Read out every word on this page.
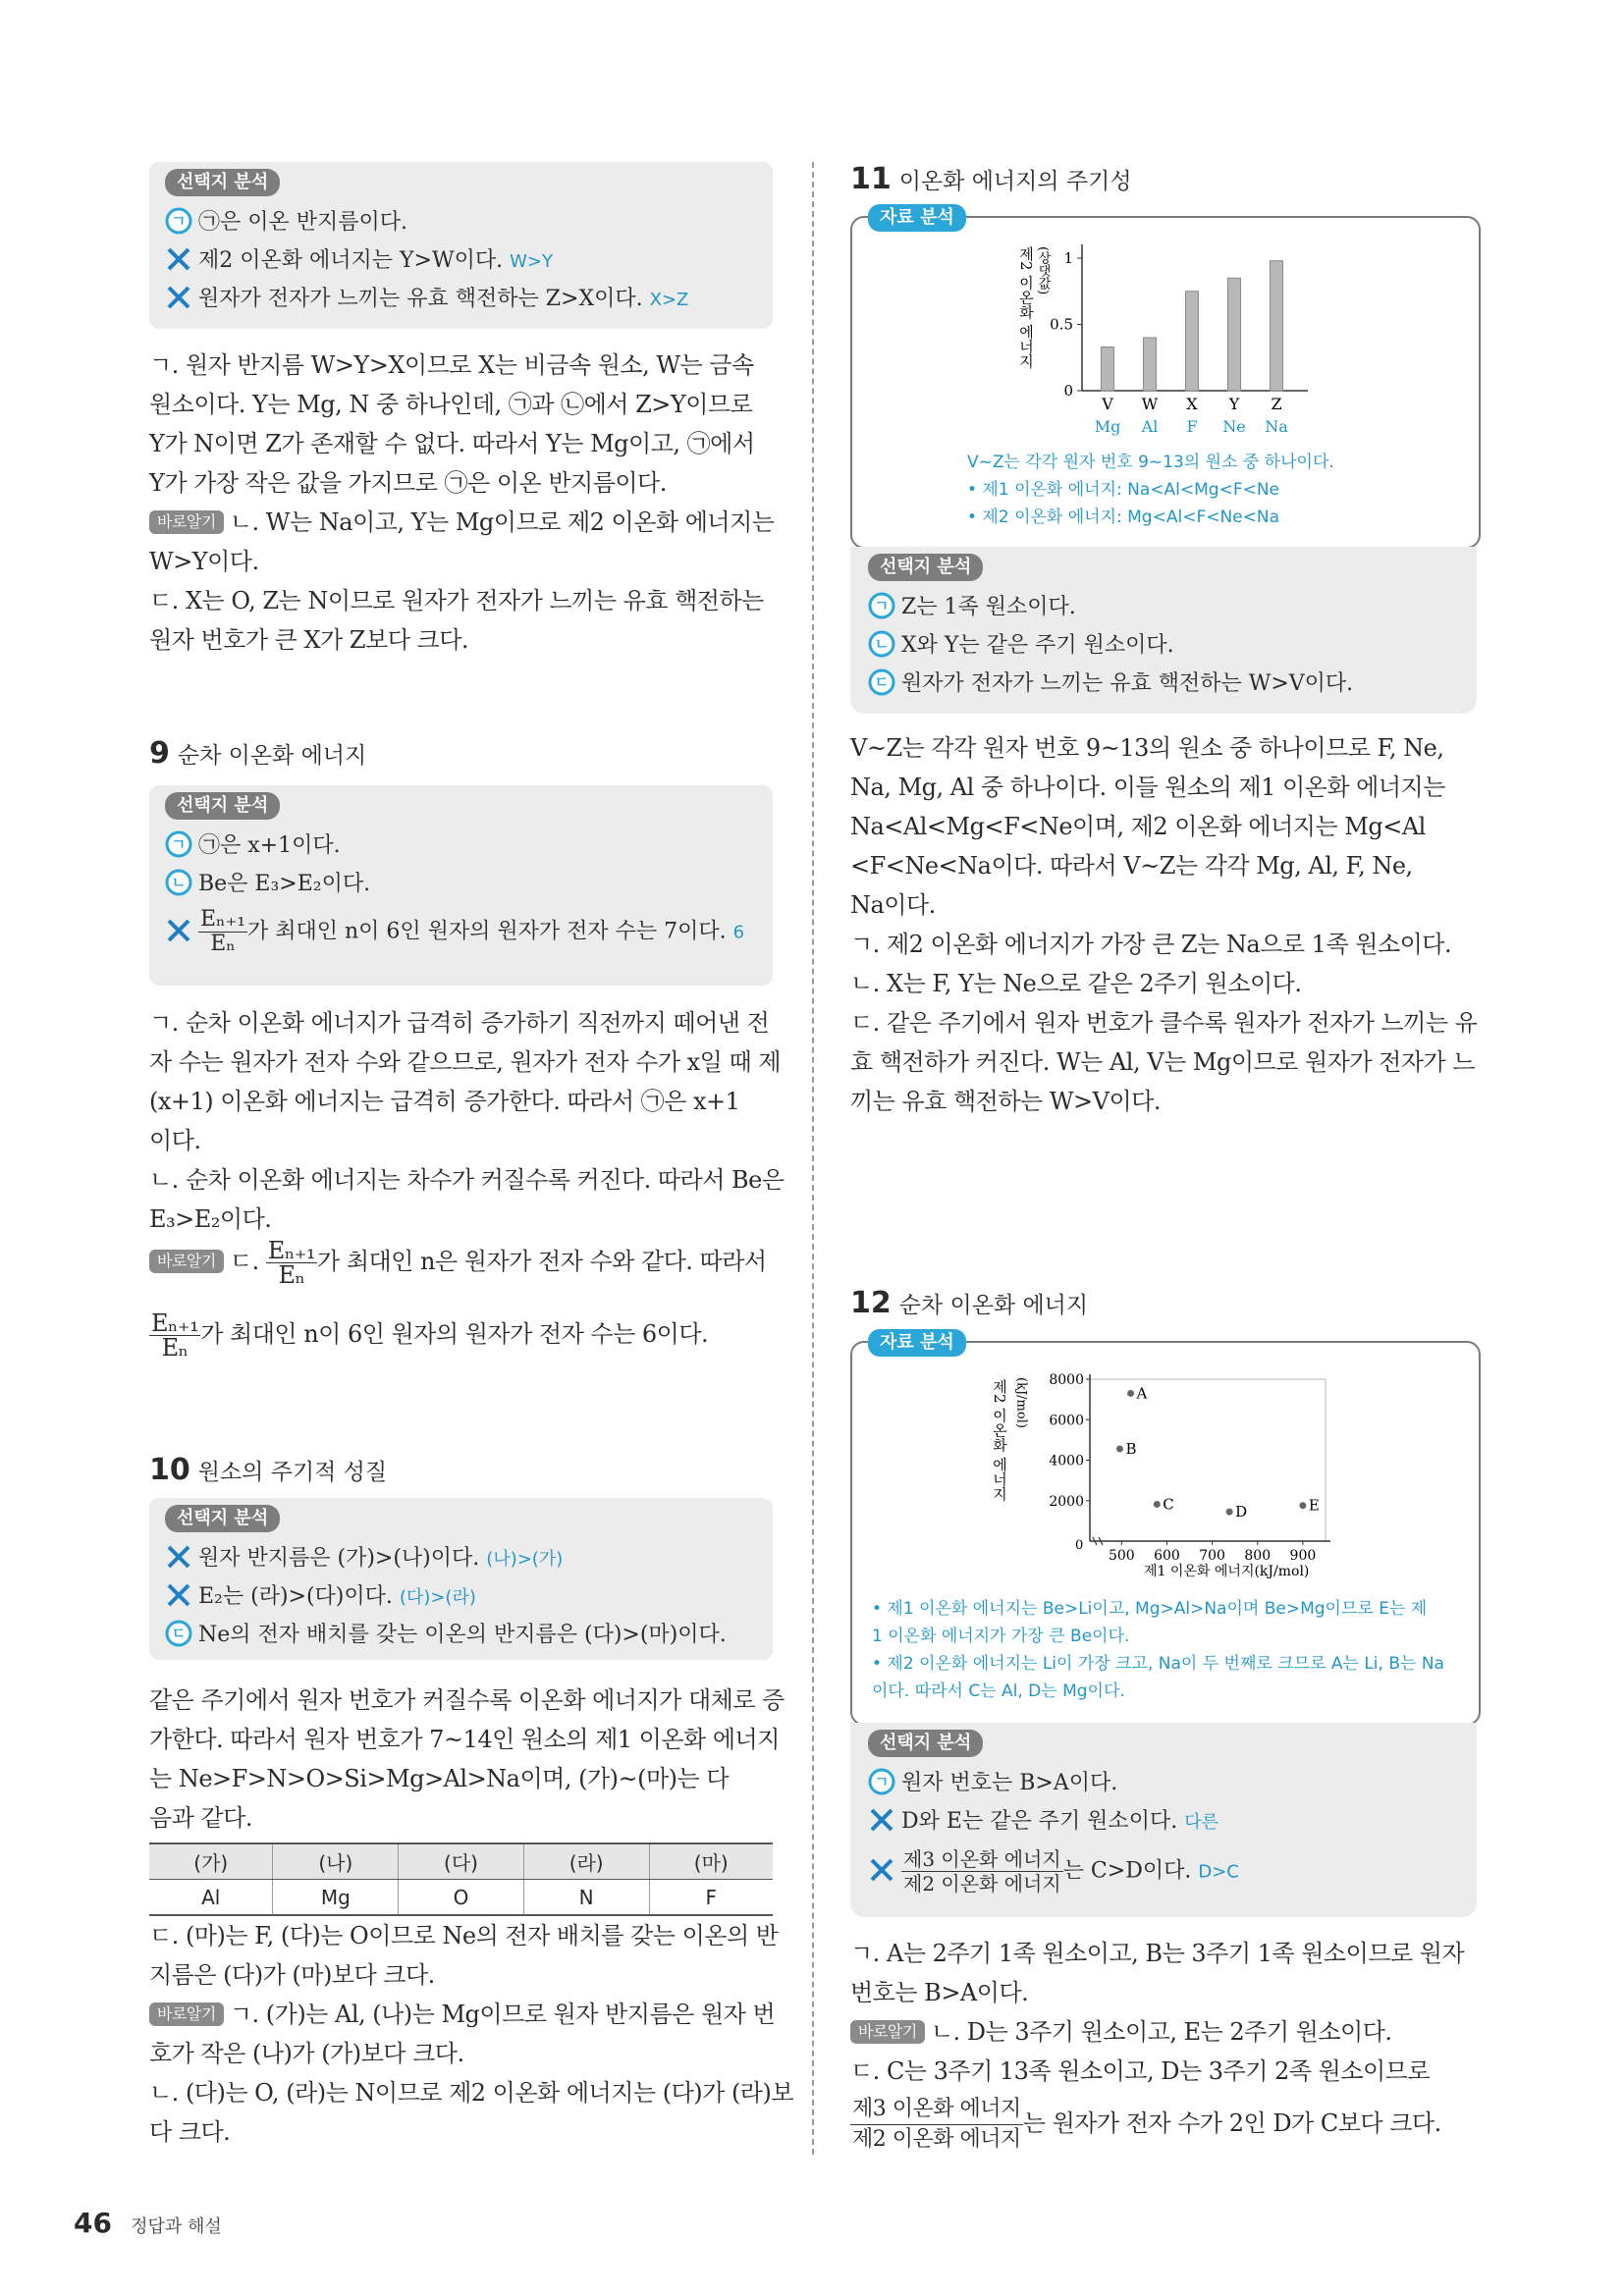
선택지 분석
ㄱ ㉠은 이온 반지름이다.
제2 이온화 에너지는 Y>W이다. W>Y
원자가 전자가 느끼는 유효 핵전하는 Z>X이다. X>Z

ㄱ. 원자 반지름 W>Y>X이므로 X는 비금속 원소, W는 금속

원소이다. Y는 Mg, N 중 하나인데, ㉠과 ㉡에서 Z>Y이므로

Y가 N이면 Z가 존재할 수 없다. 따라서 Y는 Mg이고, ㉠에서

Y가 가장 작은 값을 가지므로 ㉠은 이온 반지름이다.

바로알기 ㄴ. W는 Na이고, Y는 Mg이므로 제2 이온화 에너지는

W>Y이다.

ㄷ. X는 O, Z는 N이므로 원자가 전자가 느끼는 유효 핵전하는

원자 번호가 큰 X가 Z보다 크다.

9 순차 이온화 에너지
선택지 분석
ㄱ ㉠은 x+1이다.
ㄴ Be은 E₃>E₂이다.
$\frac{\text{Eₙ₊₁}}{\text{Eₙ}}$ 가 최대인 n이 6인 원자의 원자가 전자 수는 7이다. 6

ㄱ. 순차 이온화 에너지가 급격히 증가하기 직전까지 떼어낸 전

자 수는 원자가 전자 수와 같으므로, 원자가 전자 수가 x일 때 제

(x+1) 이온화 에너지는 급격히 증가한다. 따라서 ㉠은 x+1

이다.

ㄴ. 순차 이온화 에너지는 차수가 커질수록 커진다. 따라서 Be은

E₃>E₂이다.

바로알기 ㄷ. $\frac{\text{Eₙ₊₁}}{\text{Eₙ}}$ 가 최대인 n은 원자가 전자 수와 같다. 따라서

$\frac{\text{Eₙ₊₁}}{\text{Eₙ}}$ 가 최대인 n이 6인 원자의 원자가 전자 수는 6이다.

10 원소의 주기적 성질
선택지 분석
원자 반지름은 (가)>(나)이다. (나)>(가)
E₂는 (라)>(다)이다. (다)>(라)
ㄷ Ne의 전자 배치를 갖는 이온의 반지름은 (다)>(마)이다.

같은 주기에서 원자 번호가 커질수록 이온화 에너지가 대체로 증

가한다. 따라서 원자 번호가 7~14인 원소의 제1 이온화 에너지

는 Ne>F>N>O>Si>Mg>Al>Na이며, (가)~(마)는 다

음과 같다.

(가)	(나)	(다)	(라)	(마)
Al	Mg	O	N	F

ㄷ. (마)는 F, (다)는 O이므로 Ne의 전자 배치를 갖는 이온의 반

지름은 (다)가 (마)보다 크다.

바로알기 ㄱ. (가)는 Al, (나)는 Mg이므로 원자 반지름은 원자 번

호가 작은 (나)가 (가)보다 크다.

ㄴ. (다)는 O, (라)는 N이므로 제2 이온화 에너지는 (다)가 (라)보

다 크다.

46 정답과 해설
11 이온화 에너지의 주기성
자료 분석
(상댓값)
제2 이온화 에너지
0
0.5
1
V W X Y Z
Mg Al F Ne Na
V~Z는 각각 원자 번호 9~13의 원소 중 하나이다.
• 제1 이온화 에너지: Na<Al<Mg<F<Ne
• 제2 이온화 에너지: Mg<Al<F<Ne<Na
선택지 분석
ㄱ Z는 1족 원소이다.
ㄴ X와 Y는 같은 주기 원소이다.
ㄷ 원자가 전자가 느끼는 유효 핵전하는 W>V이다.

V~Z는 각각 원자 번호 9~13의 원소 중 하나이므로 F, Ne,

Na, Mg, Al 중 하나이다. 이들 원소의 제1 이온화 에너지는

Na<Al<Mg<F<Ne이며, 제2 이온화 에너지는 Mg<Al

<F<Ne<Na이다. 따라서 V~Z는 각각 Mg, Al, F, Ne,

Na이다.

ㄱ. 제2 이온화 에너지가 가장 큰 Z는 Na으로 1족 원소이다.

ㄴ. X는 F, Y는 Ne으로 같은 2주기 원소이다.

ㄷ. 같은 주기에서 원자 번호가 클수록 원자가 전자가 느끼는 유

효 핵전하가 커진다. W는 Al, V는 Mg이므로 원자가 전자가 느

끼는 유효 핵전하는 W>V이다.

12 순차 이온화 에너지
자료 분석
제2 이온화 에너지 (kJ/mol)
0
2000
4000
6000
8000
500 600 700 800 900
A
B
C	D	E
제1 이온화 에너지(kJ/mol)
• 제1 이온화 에너지는 Be>Li이고, Mg>Al>Na이며 Be>Mg이므로 E는 제
1 이온화 에너지가 가장 큰 Be이다.
• 제2 이온화 에너지는 Li이 가장 크고, Na이 두 번째로 크므로 A는 Li, B는 Na
이다. 따라서 C는 Al, D는 Mg이다.
선택지 분석
ㄱ 원자 번호는 B>A이다.
D와 E는 같은 주기 원소이다. 다른
$\frac{\text{제3 이온화 에너지}}{\text{제2 이온화 에너지}}$ 는 C>D이다. D>C

ㄱ. A는 2주기 1족 원소이고, B는 3주기 1족 원소이므로 원자

번호는 B>A이다.

바로알기 ㄴ. D는 3주기 원소이고, E는 2주기 원소이다.

ㄷ. C는 3주기 13족 원소이고, D는 3주기 2족 원소이므로

$\frac{\text{제3 이온화 에너지}}{\text{제2 이온화 에너지}}$ 는 원자가 전자 수가 2인 D가 C보다 크다.
